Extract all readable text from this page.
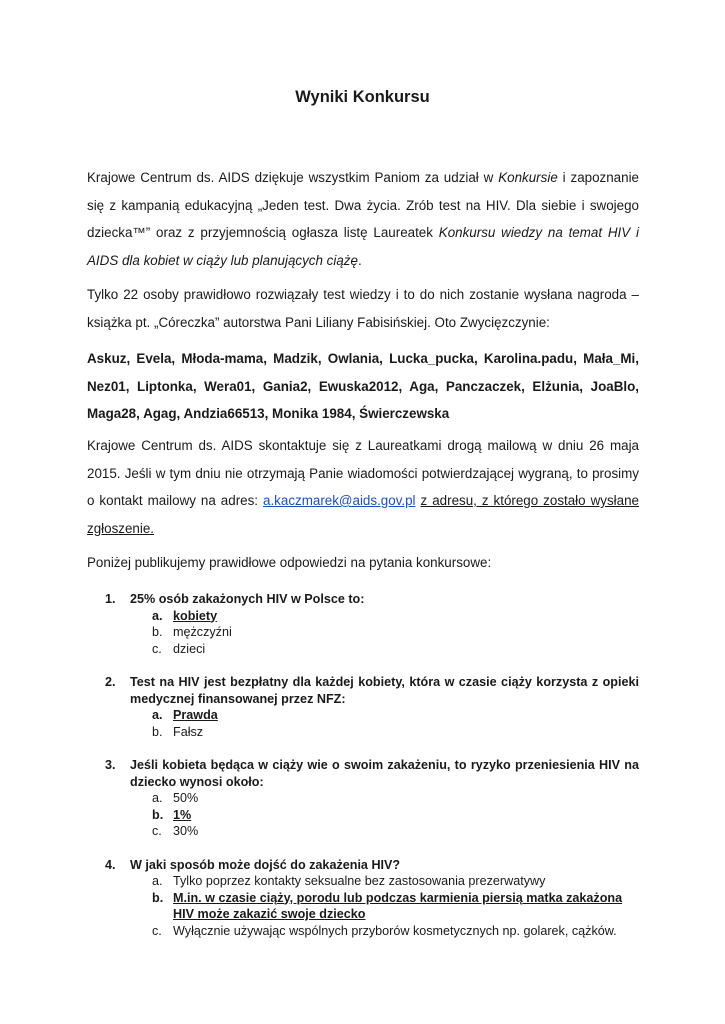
Wyniki Konkursu

Krajowe Centrum ds. AIDS dziękuje wszystkim Paniom za udział w Konkursie i zapoznanie się z kampanią edukacyjną „Jeden test. Dwa życia. Zrób test na HIV. Dla siebie i swojego dziecka™” oraz z przyjemnością ogłasza listę Laureatek Konkursu wiedzy na temat HIV i AIDS dla kobiet w ciąży lub planujących ciążę.

Tylko 22 osoby prawidłowo rozwiązały test wiedzy i to do nich zostanie wysłana nagroda – książka pt. „Córeczka” autorstwa Pani Liliany Fabisińskiej. Oto Zwycięzczynie:

Askuz, Evela, Młoda-mama, Madzik, Owlania, Lucka_pucka, Karolina.padu, Mała_Mi, Nez01, Liptonka, Wera01, Gania2, Ewuska2012, Aga, Panczaczek, Elżunia, JoaBlo, Maga28, Agag, Andzia66513, Monika 1984, Świerczewska

Krajowe Centrum ds. AIDS skontaktuje się z Laureatkami drogą mailową w dniu 26 maja 2015. Jeśli w tym dniu nie otrzymają Panie wiadomości potwierdzającej wygraną, to prosimy o kontakt mailowy na adres: a.kaczmarek@aids.gov.pl z adresu, z którego zostało wysłane zgłoszenie.

Poniżej publikujemy prawidłowe odpowiedzi na pytania konkursowe:

1. 25% osób zakażonych HIV w Polsce to:
a. kobiety
b. mężczyźni
c. dzieci
2. Test na HIV jest bezpłatny dla każdej kobiety, która w czasie ciąży korzysta z opieki medycznej finansowanej przez NFZ:
a. Prawda
b. Fałsz
3. Jeśli kobieta będąca w ciąży wie o swoim zakażeniu, to ryzyko przeniesienia HIV na dziecko wynosi około:
a. 50%
b. 1%
c. 30%
4. W jaki sposób może dojść do zakażenia HIV?
a. Tylko poprzez kontakty seksualne bez zastosowania prezerwatywy
b. M.in. w czasie ciąży, porodu lub podczas karmienia piersią matka zakażona HIV może zakazić swoje dziecko
c. Wyłącznie używając wspólnych przyborów kosmetycznych np. golarek, cążków.
